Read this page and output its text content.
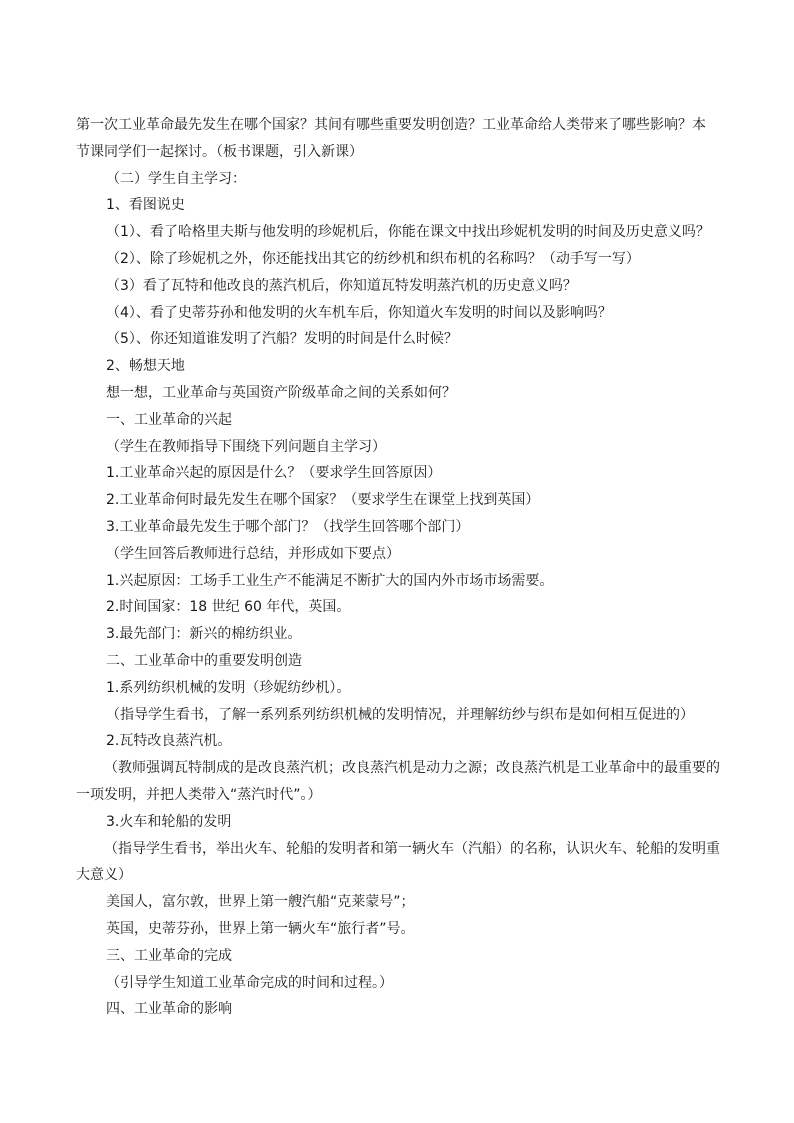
第一次工业革命最先发生在哪个国家？其间有哪些重要发明创造？工业革命给人类带来了哪些影响？本

节课同学们一起探讨。（板书课题，引入新课）

（二）学生自主学习：

1、看图说史

（1）、看了哈格里夫斯与他发明的珍妮机后，你能在课文中找出珍妮机发明的时间及历史意义吗？

（2）、除了珍妮机之外，你还能找出其它的纺纱机和织布机的名称吗？（动手写一写）

（3）看了瓦特和他改良的蒸汽机后，你知道瓦特发明蒸汽机的历史意义吗？

（4）、看了史蒂芬孙和他发明的火车机车后，你知道火车发明的时间以及影响吗？

（5）、你还知道谁发明了汽船？发明的时间是什么时候？

2、畅想天地

想一想，工业革命与英国资产阶级革命之间的关系如何？

一、工业革命的兴起

（学生在教师指导下围绕下列问题自主学习）

1.工业革命兴起的原因是什么？（要求学生回答原因）

2.工业革命何时最先发生在哪个国家？（要求学生在课堂上找到英国）

3.工业革命最先发生于哪个部门？（找学生回答哪个部门）

（学生回答后教师进行总结，并形成如下要点）

1.兴起原因：工场手工业生产不能满足不断扩大的国内外市场市场需要。

2.时间国家：18 世纪 60 年代，英国。

3.最先部门：新兴的棉纺织业。

二、工业革命中的重要发明创造

1.系列纺织机械的发明（珍妮纺纱机）。

（指导学生看书，了解一系列系列纺织机械的发明情况，并理解纺纱与织布是如何相互促进的）

2.瓦特改良蒸汽机。

（教师强调瓦特制成的是改良蒸汽机；改良蒸汽机是动力之源；改良蒸汽机是工业革命中的最重要的
一项发明，并把人类带入“蒸汽时代”。）

3.火车和轮船的发明

（指导学生看书，举出火车、轮船的发明者和第一辆火车（汽船）的名称，认识火车、轮船的发明重
大意义）

美国人，富尔敦，世界上第一艘汽船“克莱蒙号”；

英国，史蒂芬孙，世界上第一辆火车“旅行者”号。

三、工业革命的完成

（引导学生知道工业革命完成的时间和过程。）

四、工业革命的影响
